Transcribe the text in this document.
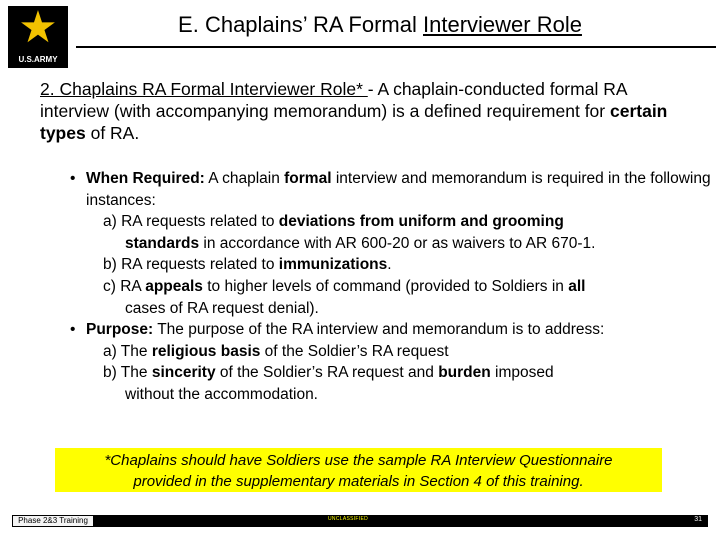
★
U.S.ARMY
E. Chaplains’ RA Formal Interviewer Role
2. Chaplains RA Formal Interviewer Role* - A chaplain-conducted formal RA interview (with accompanying memorandum) is a defined requirement for certain types of RA.
• When Required: A chaplain formal interview and memorandum is required in the following instances:
a) RA requests related to deviations from uniform and grooming
standards in accordance with AR 600-20 or as waivers to AR 670-1.
b) RA requests related to immunizations.
c) RA appeals to higher levels of command (provided to Soldiers in all
cases of RA request denial).
• Purpose: The purpose of the RA interview and memorandum is to address:
a) The religious basis of the Soldier’s RA request
b) The sincerity of the Soldier’s RA request and burden imposed
without the accommodation.
*Chaplains should have Soldiers use the sample RA Interview Questionnaire
provided in the supplementary materials in Section 4 of this training.
Phase 2&3 Training	UNCLASSIFIED	31
